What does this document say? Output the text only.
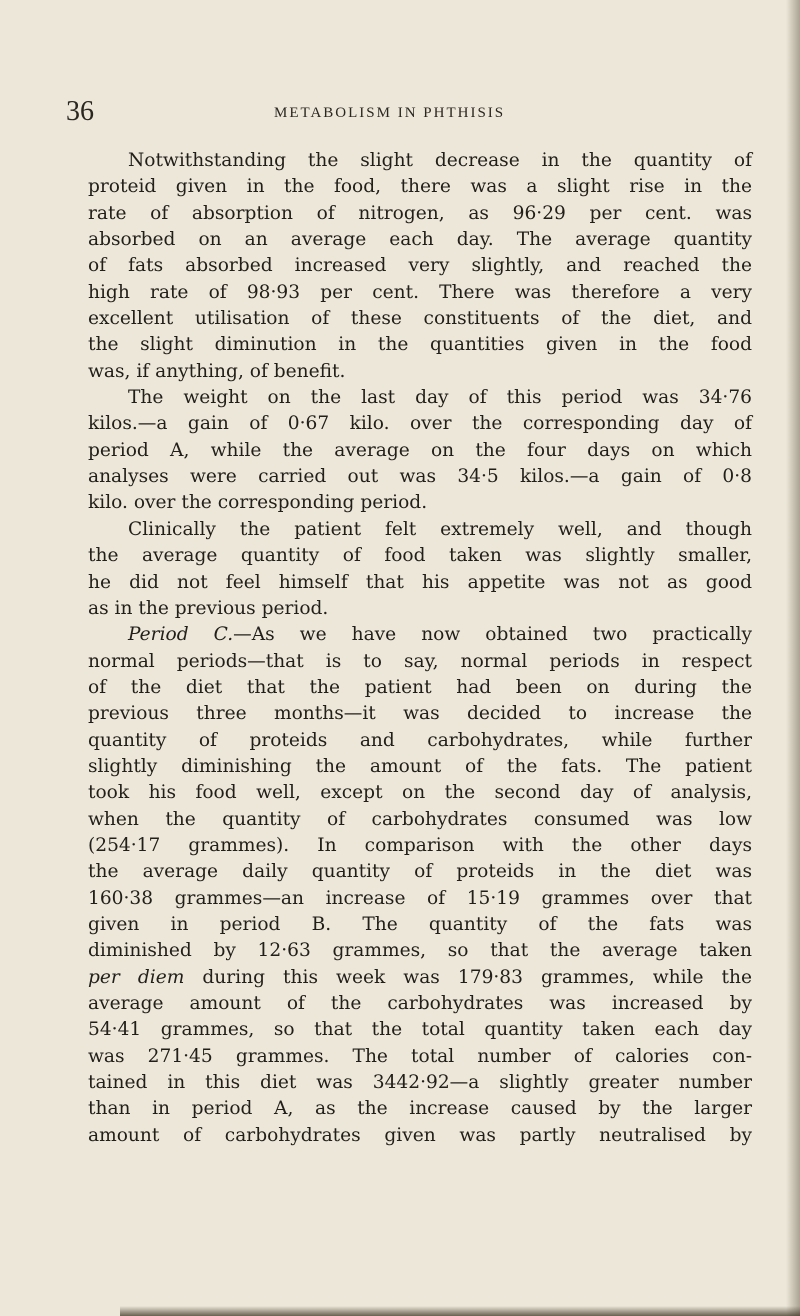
36	METABOLISM IN PHTHISIS
Notwithstanding the slight decrease in the quantity of
proteid given in the food, there was a slight rise in the
rate of absorption of nitrogen, as 96·29 per cent. was
absorbed on an average each day. The average quantity
of fats absorbed increased very slightly, and reached the
high rate of 98·93 per cent. There was therefore a very
excellent utilisation of these constituents of the diet, and
the slight diminution in the quantities given in the food
was, if anything, of benefit.
The weight on the last day of this period was 34·76
kilos.—a gain of 0·67 kilo. over the corresponding day of
period A, while the average on the four days on which
analyses were carried out was 34·5 kilos.—a gain of 0·8
kilo. over the corresponding period.
Clinically the patient felt extremely well, and though
the average quantity of food taken was slightly smaller,
he did not feel himself that his appetite was not as good
as in the previous period.
Period C.—As we have now obtained two practically
normal periods—that is to say, normal periods in respect
of the diet that the patient had been on during the
previous three months—it was decided to increase the
quantity of proteids and carbohydrates, while further
slightly diminishing the amount of the fats. The patient
took his food well, except on the second day of analysis,
when the quantity of carbohydrates consumed was low
(254·17 grammes). In comparison with the other days
the average daily quantity of proteids in the diet was
160·38 grammes—an increase of 15·19 grammes over that
given in period B. The quantity of the fats was
diminished by 12·63 grammes, so that the average taken
per diem during this week was 179·83 grammes, while the
average amount of the carbohydrates was increased by
54·41 grammes, so that the total quantity taken each day
was 271·45 grammes. The total number of calories con-
tained in this diet was 3442·92—a slightly greater number
than in period A, as the increase caused by the larger
amount of carbohydrates given was partly neutralised by
